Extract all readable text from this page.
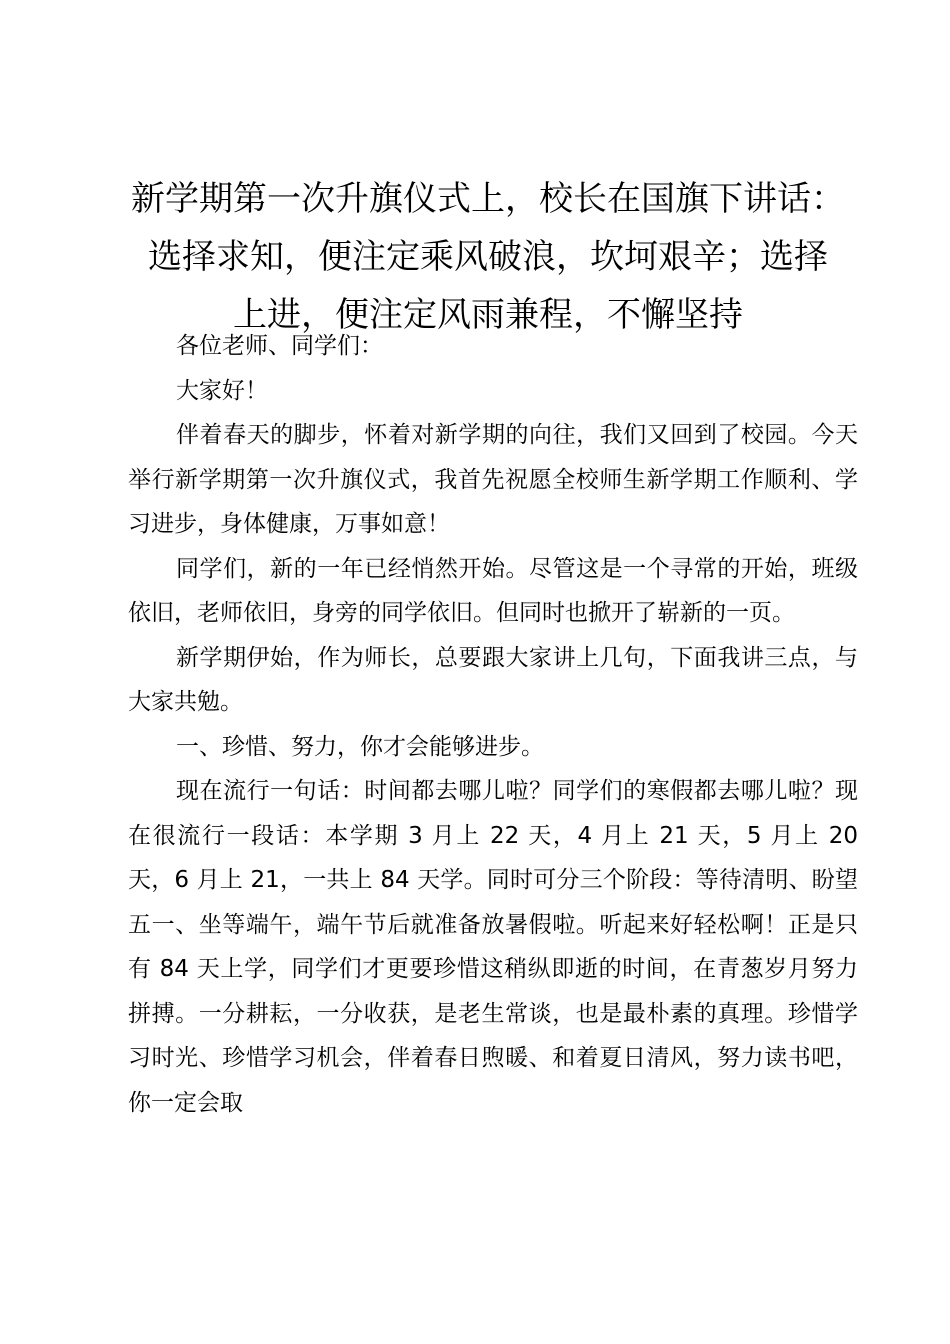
新学期第一次升旗仪式上，校长在国旗下讲话：
选择求知，便注定乘风破浪，坎坷艰辛；选择
上进，便注定风雨兼程，不懈坚持

各位老师、同学们：

大家好！

伴着春天的脚步，怀着对新学期的向往，我们又回到了校园。今天举行新学期第一次升旗仪式，我首先祝愿全校师生新学期工作顺利、学习进步，身体健康，万事如意！

同学们，新的一年已经悄然开始。尽管这是一个寻常的开始，班级依旧，老师依旧，身旁的同学依旧。但同时也掀开了崭新的一页。

新学期伊始，作为师长，总要跟大家讲上几句，下面我讲三点，与大家共勉。

一、珍惜、努力，你才会能够进步。

现在流行一句话：时间都去哪儿啦？同学们的寒假都去哪儿啦？现在很流行一段话：本学期 3 月上 22 天，4 月上 21 天，5 月上 20 天，6 月上 21，一共上 84 天学。同时可分三个阶段：等待清明、盼望五一、坐等端午，端午节后就准备放暑假啦。听起来好轻松啊！正是只有 84 天上学，同学们才更要珍惜这稍纵即逝的时间，在青葱岁月努力拼搏。一分耕耘，一分收获，是老生常谈，也是最朴素的真理。珍惜学习时光、珍惜学习机会，伴着春日煦暖、和着夏日清风，努力读书吧，你一定会取
